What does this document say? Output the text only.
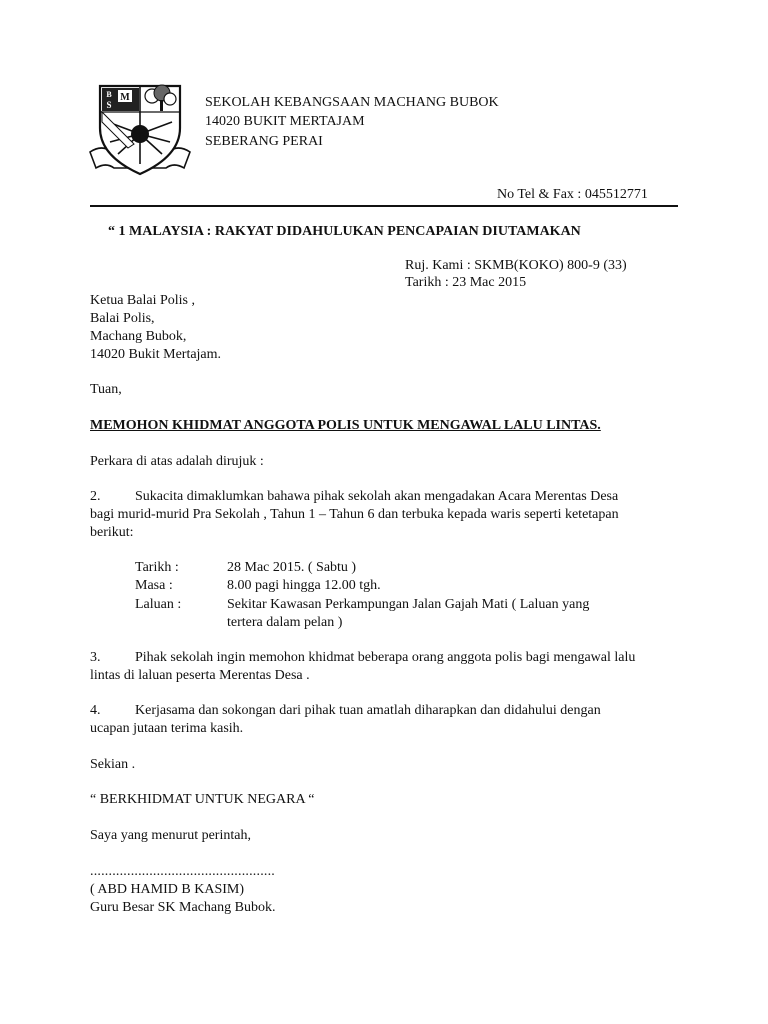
M
S
B
SEKOLAH KEBANGSAAN MACHANG BUBOK
14020 BUKIT MERTAJAM
SEBERANG PERAI
No Tel & Fax : 045512771
“ 1 MALAYSIA : RAKYAT DIDAHULUKAN PENCAPAIAN DIUTAMAKAN
Ruj. Kami : SKMB(KOKO) 800-9 (33)
Tarikh : 23 Mac 2015
Ketua Balai Polis ,
Balai Polis,
Machang Bubok,
14020 Bukit Mertajam.
Tuan,
MEMOHON KHIDMAT ANGGOTA POLIS UNTUK MENGAWAL LALU LINTAS.
Perkara di atas adalah dirujuk :
2. Sukacita dimaklumkan bahawa pihak sekolah akan mengadakan Acara Merentas Desa
bagi murid-murid Pra Sekolah , Tahun 1 – Tahun 6 dan terbuka kepada waris seperti ketetapan
berikut:
Tarikh :	28 Mac 2015. ( Sabtu )
Masa :	8.00 pagi hingga 12.00 tgh.
Laluan :	Sekitar Kawasan Perkampungan Jalan Gajah Mati ( Laluan yang
tertera dalam pelan )
3. Pihak sekolah ingin memohon khidmat beberapa orang anggota polis bagi mengawal lalu
lintas di laluan peserta Merentas Desa .
4. Kerjasama dan sokongan dari pihak tuan amatlah diharapkan dan didahului dengan
ucapan jutaan terima kasih.
Sekian .
“ BERKHIDMAT UNTUK NEGARA “
Saya yang menurut perintah,
..................................................
( ABD HAMID B KASIM)
Guru Besar SK Machang Bubok.
